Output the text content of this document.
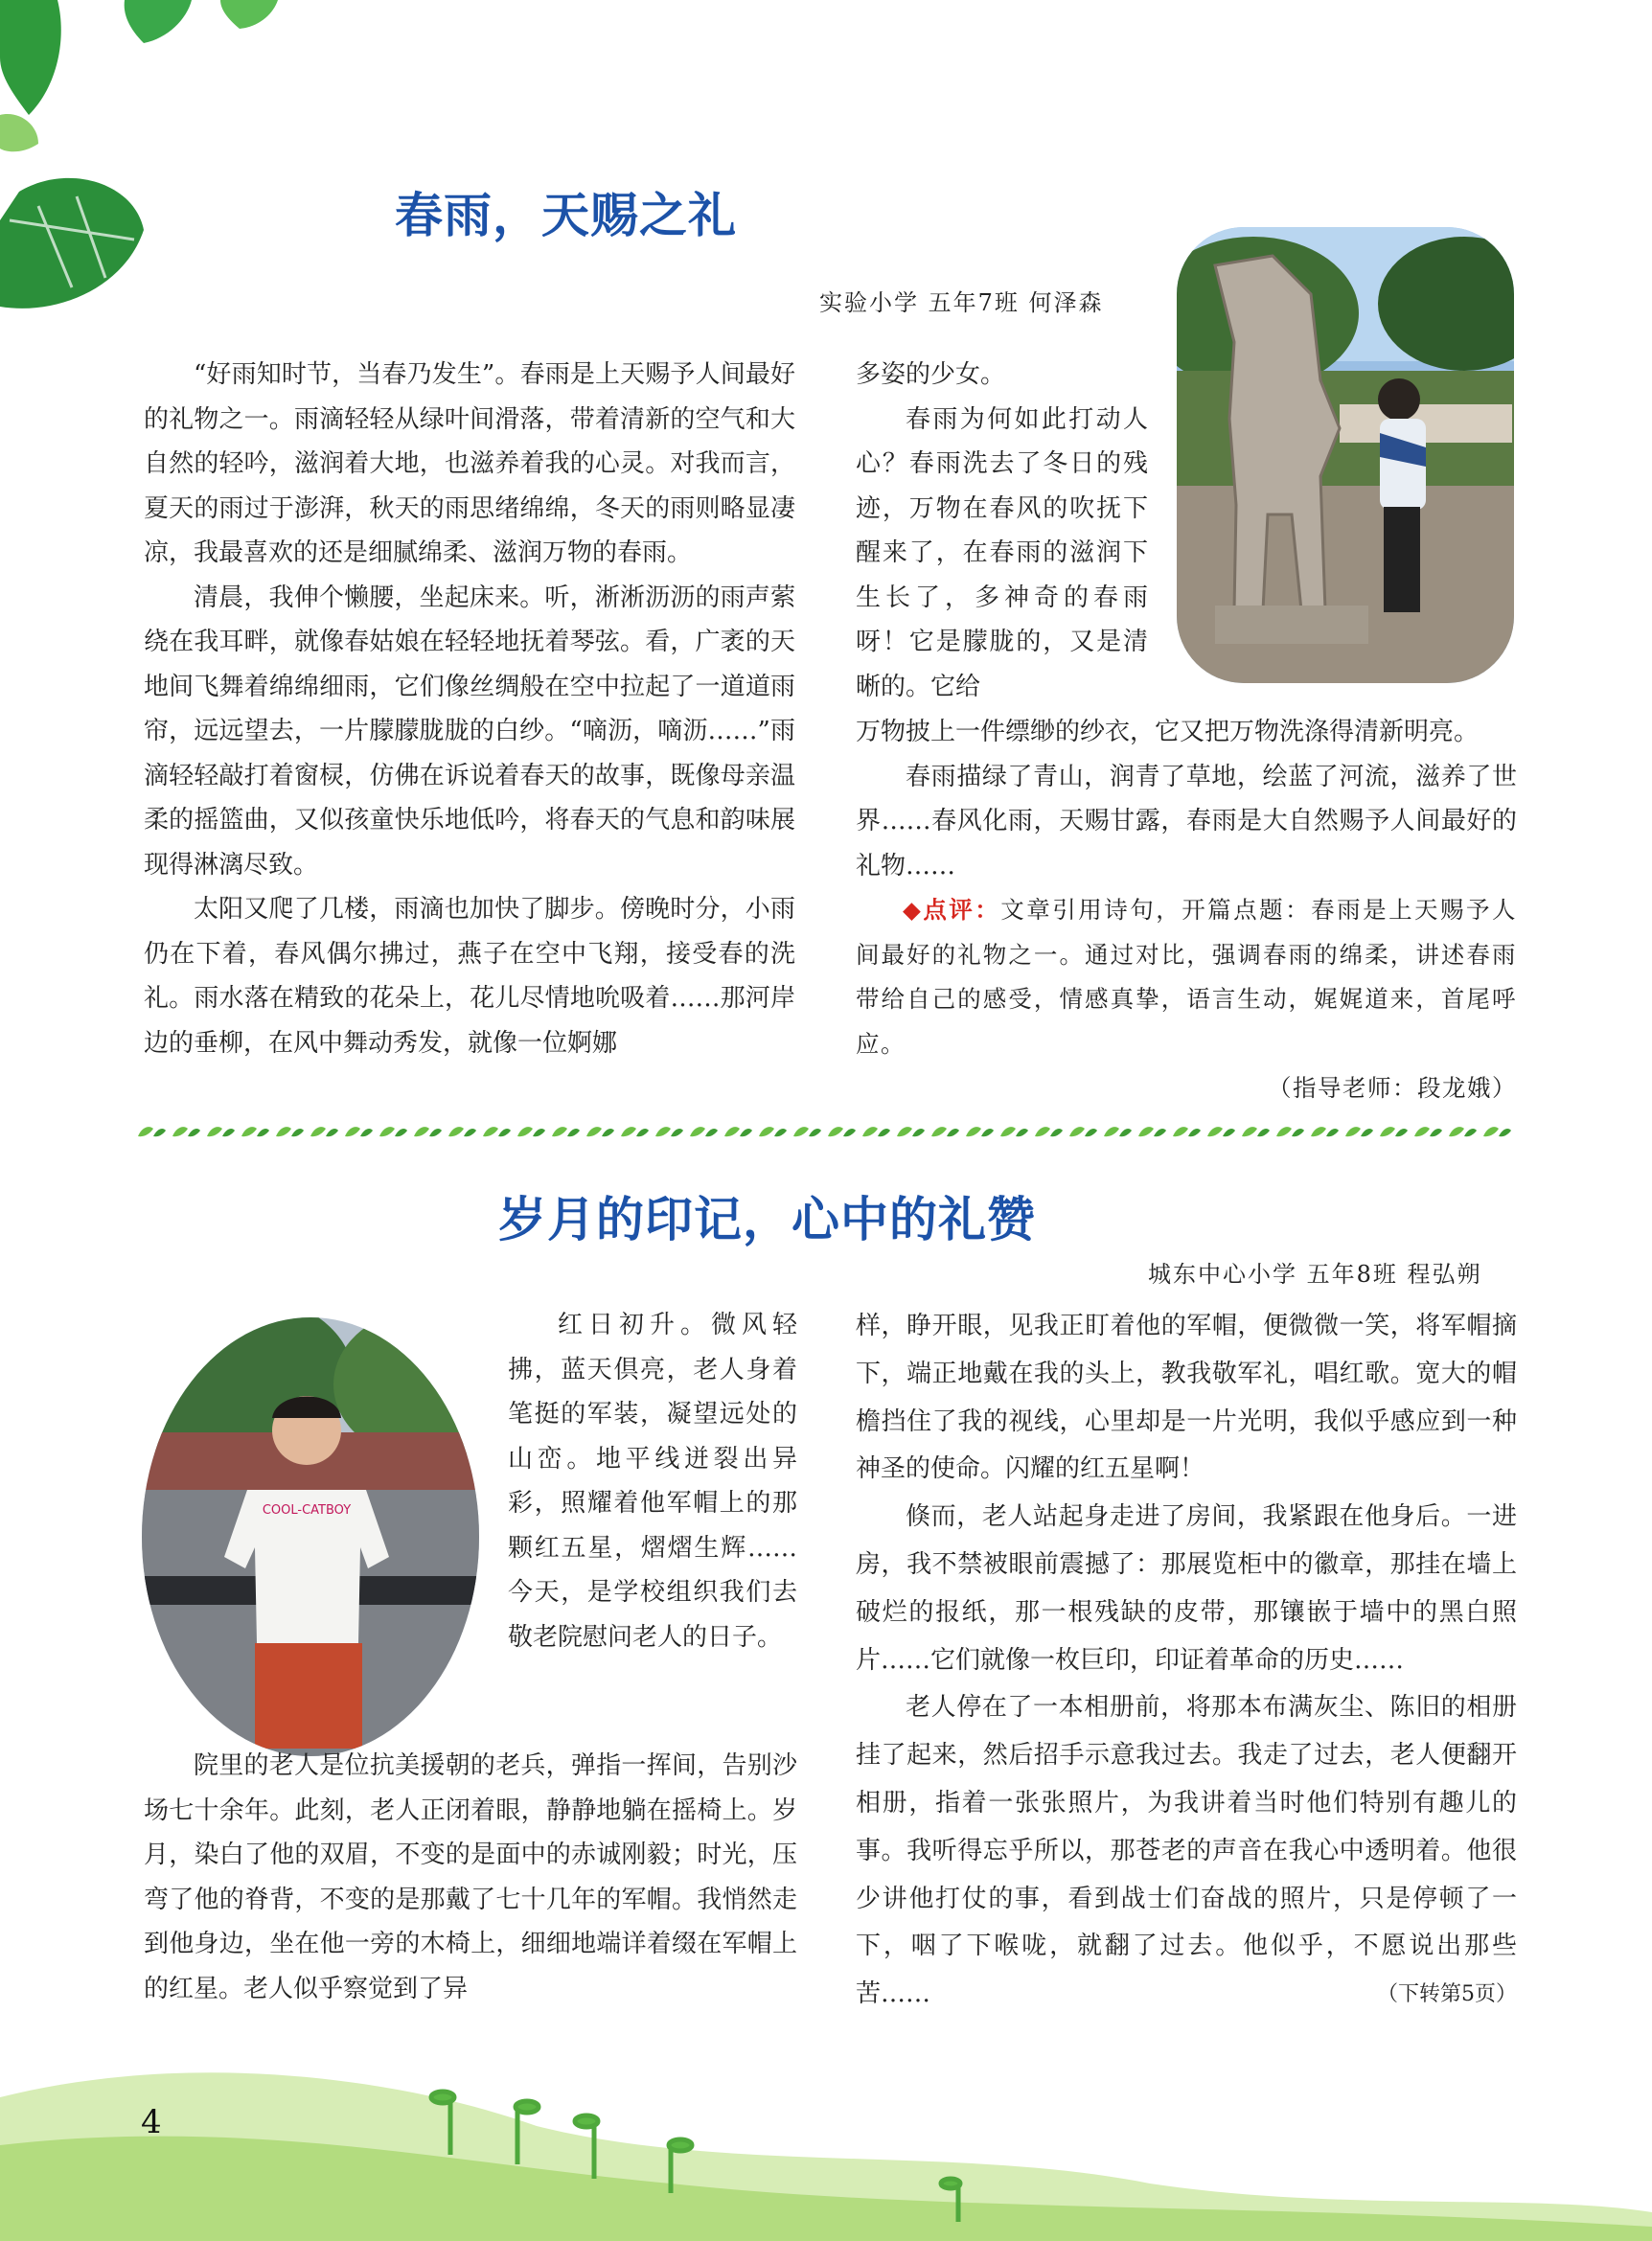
春雨，天赐之礼
实验小学 五年7班 何泽森

“好雨知时节，当春乃发生”。春雨是上天赐予人间最好的礼物之一。雨滴轻轻从绿叶间滑落，带着清新的空气和大自然的轻吟，滋润着大地，也滋养着我的心灵。对我而言，夏天的雨过于澎湃，秋天的雨思绪绵绵，冬天的雨则略显凄凉，我最喜欢的还是细腻绵柔、滋润万物的春雨。

清晨，我伸个懒腰，坐起床来。听，淅淅沥沥的雨声萦绕在我耳畔，就像春姑娘在轻轻地抚着琴弦。看，广袤的天地间飞舞着绵绵细雨，它们像丝绸般在空中拉起了一道道雨帘，远远望去，一片朦朦胧胧的白纱。“嘀沥，嘀沥……”雨滴轻轻敲打着窗棂，仿佛在诉说着春天的故事，既像母亲温柔的摇篮曲，又似孩童快乐地低吟，将春天的气息和韵味展现得淋漓尽致。

太阳又爬了几楼，雨滴也加快了脚步。傍晚时分，小雨仍在下着，春风偶尔拂过，燕子在空中飞翔，接受春的洗礼。雨水落在精致的花朵上，花儿尽情地吮吸着……那河岸边的垂柳，在风中舞动秀发，就像一位婀娜

多姿的少女。

春雨为何如此打动人心？春雨洗去了冬日的残迹，万物在春风的吹抚下醒来了，在春雨的滋润下生长了，多神奇的春雨呀！它是朦胧的，又是清晰的。它给

万物披上一件缥缈的纱衣，它又把万物洗涤得清新明亮。

春雨描绿了青山，润青了草地，绘蓝了河流，滋养了世界……春风化雨，天赐甘露，春雨是大自然赐予人间最好的礼物……

◆点评：文章引用诗句，开篇点题：春雨是上天赐予人间最好的礼物之一。通过对比，强调春雨的绵柔，讲述春雨带给自己的感受，情感真挚，语言生动，娓娓道来，首尾呼应。
（指导老师：段龙娥）

岁月的印记，心中的礼赞
城东中心小学 五年8班 程弘朔
COOL-CATBOY

红日初升。微风轻拂，蓝天倶亮，老人身着笔挺的军装，凝望远处的山峦。地平线迸裂出异彩，照耀着他军帽上的那颗红五星，熠熠生辉……今天，是学校组织我们去敬老院慰问老人的日子。

院里的老人是位抗美援朝的老兵，弹指一挥间，告别沙场七十余年。此刻，老人正闭着眼，静静地躺在摇椅上。岁月，染白了他的双眉，不变的是面中的赤诚刚毅；时光，压弯了他的脊背，不变的是那戴了七十几年的军帽。我悄然走到他身边，坐在他一旁的木椅上，细细地端详着缀在军帽上的红星。老人似乎察觉到了异

样，睁开眼，见我正盯着他的军帽，便微微一笑，将军帽摘下，端正地戴在我的头上，教我敬军礼，唱红歌。宽大的帽檐挡住了我的视线，心里却是一片光明，我似乎感应到一种神圣的使命。闪耀的红五星啊！

倏而，老人站起身走进了房间，我紧跟在他身后。一进房，我不禁被眼前震撼了：那展览柜中的徽章，那挂在墙上破烂的报纸，那一根残缺的皮带，那镶嵌于墙中的黑白照片……它们就像一枚巨印，印证着革命的历史……

老人停在了一本相册前，将那本布满灰尘、陈旧的相册挂了起来，然后招手示意我过去。我走了过去，老人便翻开相册，指着一张张照片，为我讲着当时他们特别有趣儿的事。我听得忘乎所以，那苍老的声音在我心中透明着。他很少讲他打仗的事，看到战士们奋战的照片，只是停顿了一下，咽了下喉咙，就翻了过去。他似乎，不愿说出那些苦……	（下转第5页）

4
